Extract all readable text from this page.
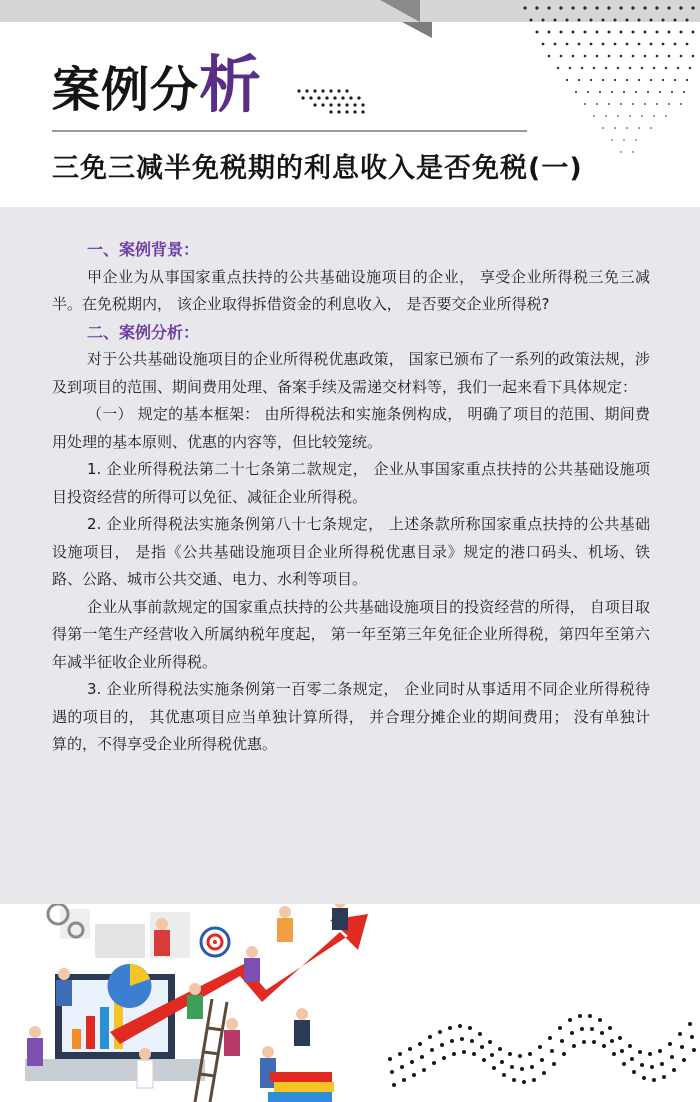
案例分析
三免三减半免税期的利息收入是否免税(一)

一、案例背景：

甲企业为从事国家重点扶持的公共基础设施项目的企业， 享受企业所得税三免三减半。在免税期内， 该企业取得拆借资金的利息收入， 是否要交企业所得税?

二、案例分析：

对于公共基础设施项目的企业所得税优惠政策， 国家已颁布了一系列的政策法规，涉及到项目的范围、期间费用处理、备案手续及需递交材料等，我们一起来看下具体规定：

（一） 规定的基本框架： 由所得税法和实施条例构成， 明确了项目的范围、期间费用处理的基本原则、优惠的内容等，但比较笼统。

1. 企业所得税法第二十七条第二款规定， 企业从事国家重点扶持的公共基础设施项目投资经营的所得可以免征、减征企业所得税。

2. 企业所得税法实施条例第八十七条规定， 上述条款所称国家重点扶持的公共基础设施项目， 是指《公共基础设施项目企业所得税优惠目录》规定的港口码头、机场、铁路、公路、城市公共交通、电力、水利等项目。

企业从事前款规定的国家重点扶持的公共基础设施项目的投资经营的所得， 自项目取得第一笔生产经营收入所属纳税年度起， 第一年至第三年免征企业所得税，第四年至第六年减半征收企业所得税。

3. 企业所得税法实施条例第一百零二条规定， 企业同时从事适用不同企业所得税待遇的项目的， 其优惠项目应当单独计算所得， 并合理分摊企业的期间费用； 没有单独计算的，不得享受企业所得税优惠。
